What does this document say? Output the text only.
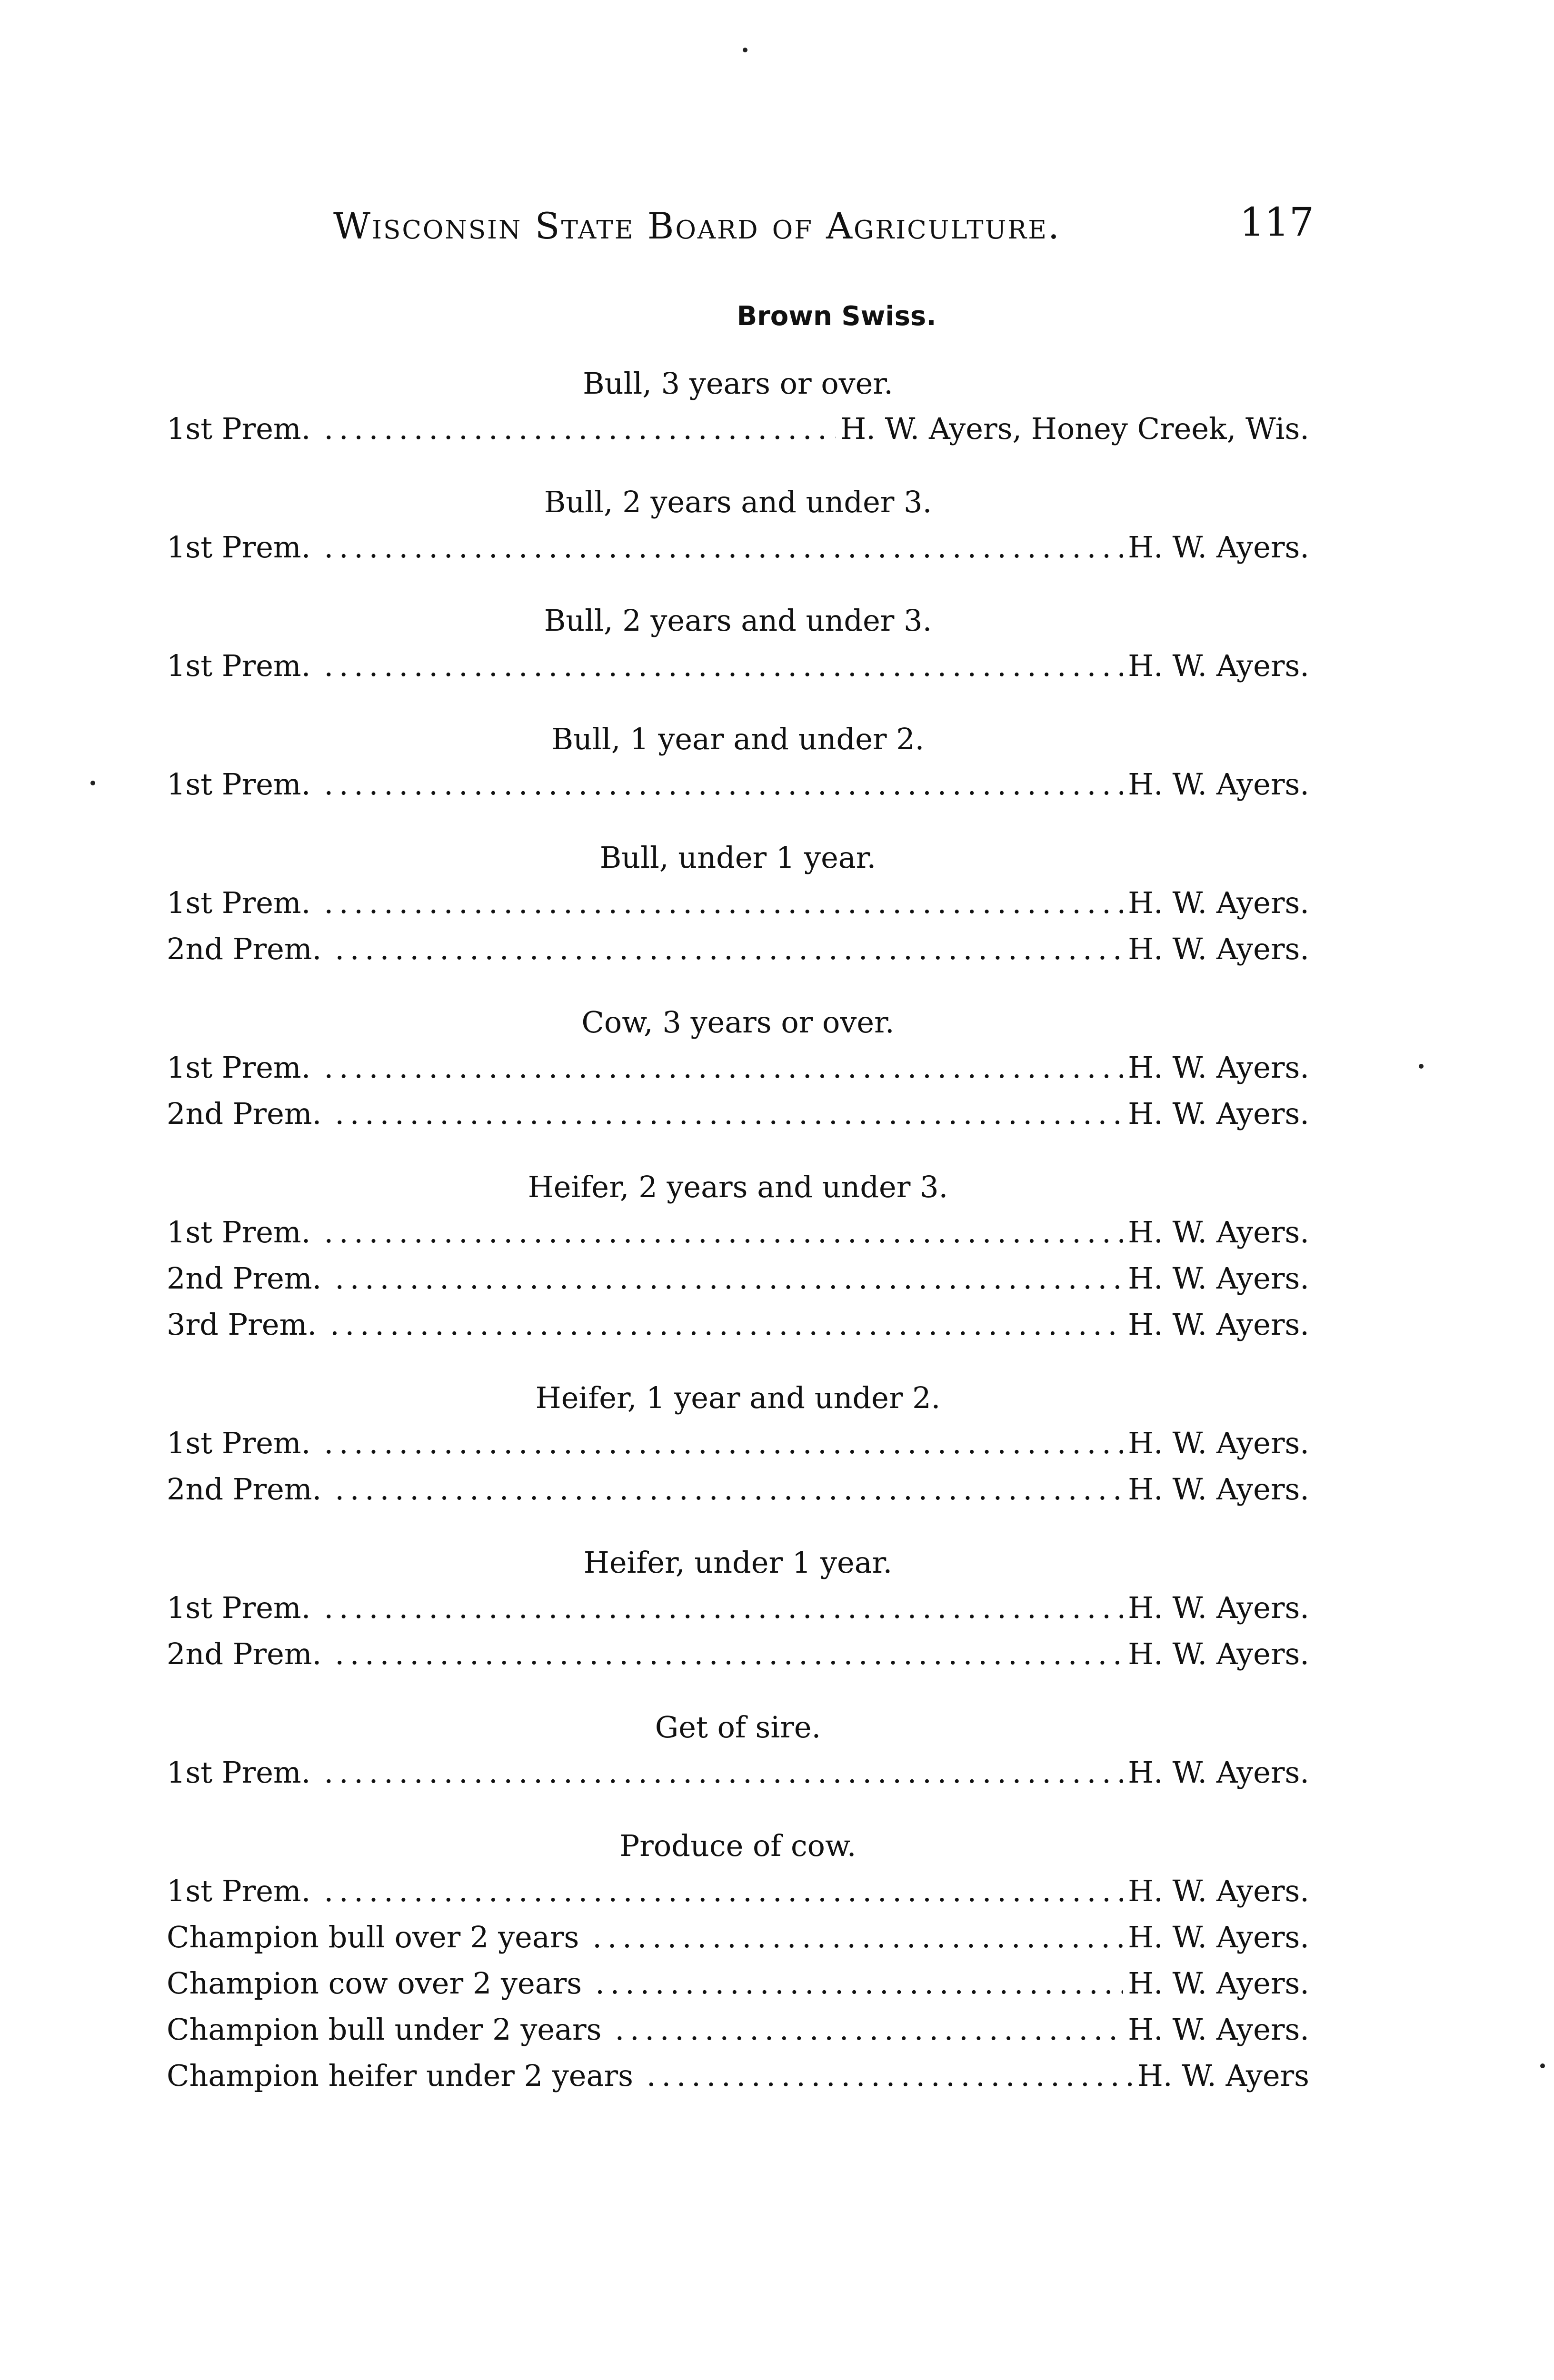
Wisconsin State Board of Agriculture.	117
Brown Swiss.
Bull, 3 years or over.
1st Prem. . . .	H. W. Ayers, Honey Creek, Wis.
Bull, 2 years and under 3.
1st Prem. . . .	H. W. Ayers.
Bull, 2 years and under 3.
1st Prem. . . .	H. W. Ayers.
Bull, 1 year and under 2.
1st Prem. . . .	H. W. Ayers.
Bull, under 1 year.
1st Prem. . . .	H. W. Ayers.
2nd Prem. . . .	H. W. Ayers.
Cow, 3 years or over.
1st Prem. . . .	H. W. Ayers.
2nd Prem. . . .	H. W. Ayers.
Heifer, 2 years and under 3.
1st Prem. . . .	H. W. Ayers.
2nd Prem. . . .	H. W. Ayers.
3rd Prem. . . .	H. W. Ayers.
Heifer, 1 year and under 2.
1st Prem. . . .	H. W. Ayers.
2nd Prem. . . .	H. W. Ayers.
Heifer, under 1 year.
1st Prem. . . .	H. W. Ayers.
2nd Prem. . . .	H. W. Ayers.
Get of sire.
1st Prem. . . .	H. W. Ayers.
Produce of cow.
1st Prem. . . .	H. W. Ayers.
Champion bull over 2 years . . .	H. W. Ayers.
Champion cow over 2 years . . .	H. W. Ayers.
Champion bull under 2 years . . .	H. W. Ayers.
Champion heifer under 2 years . . .	H. W. Ayers
